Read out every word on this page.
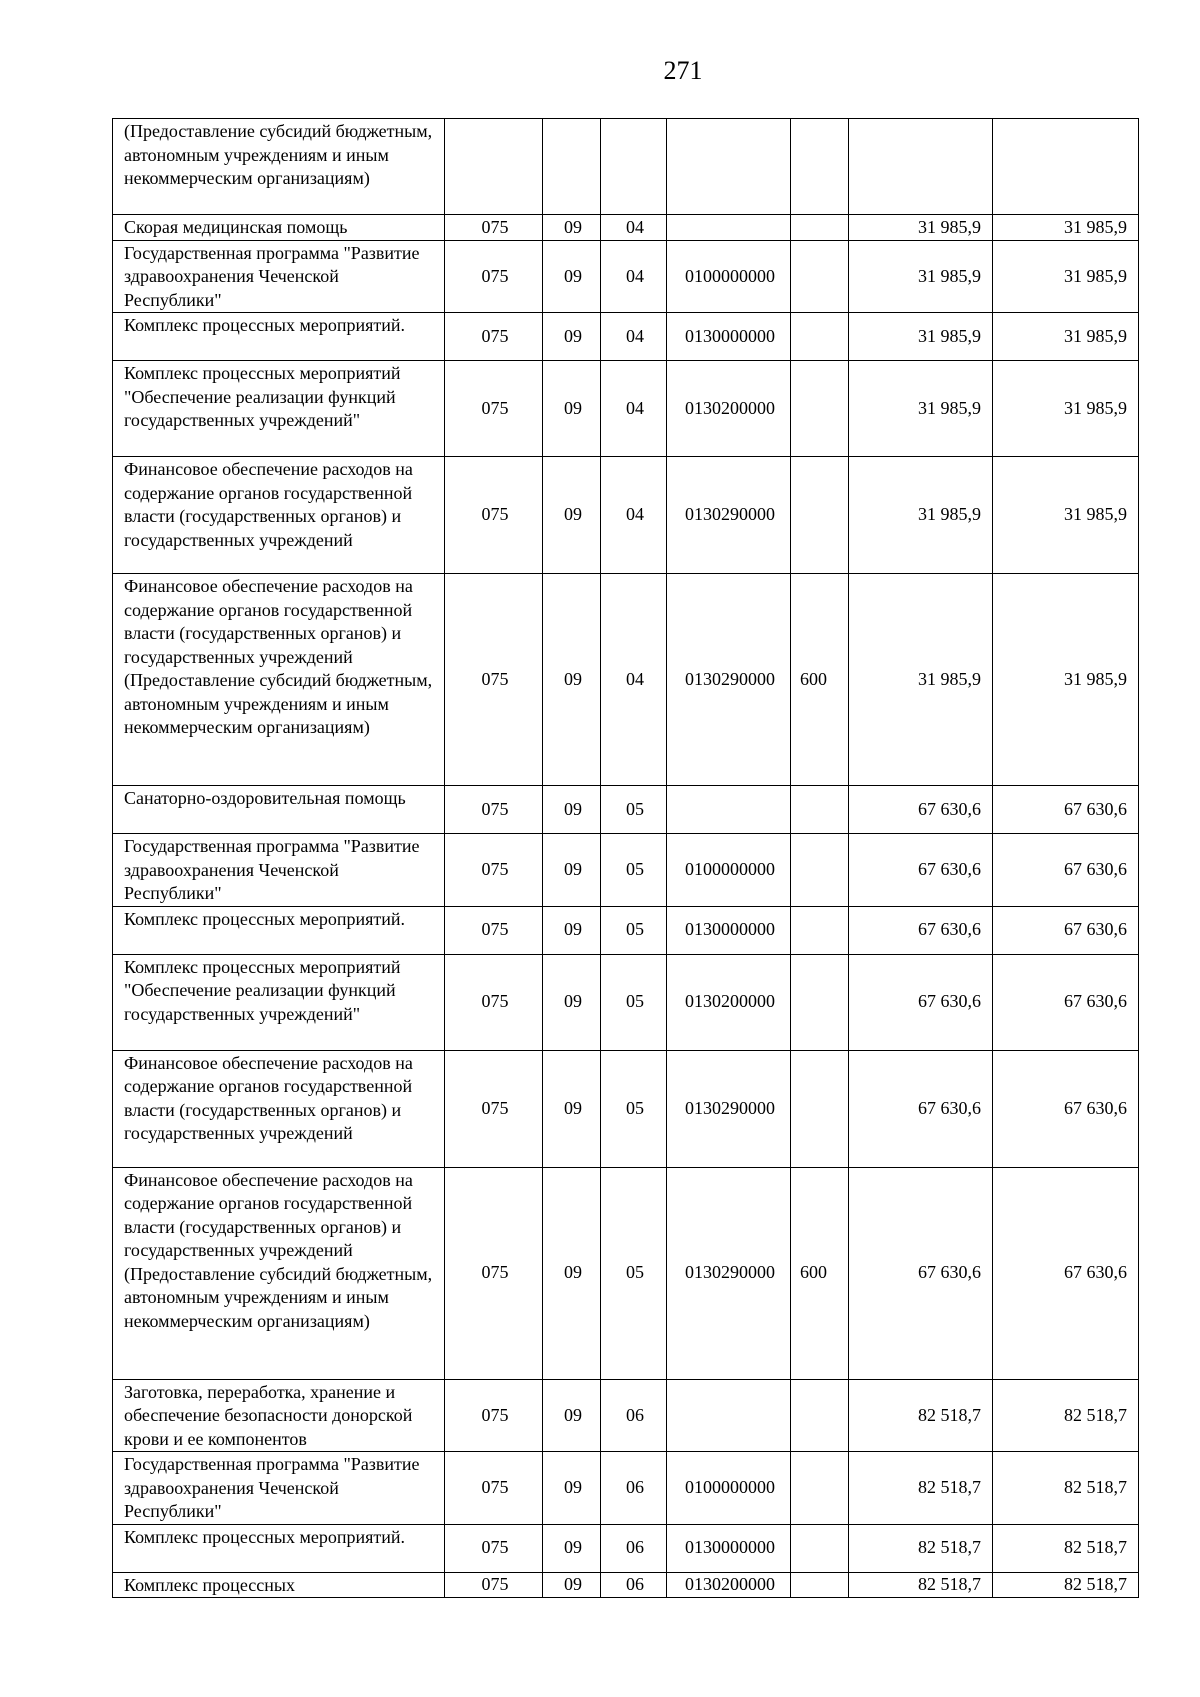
271
(Предоставление субсидий бюджетным, автономным учреждениям и иным некоммерческим организациям)							
Скорая медицинская помощь	075	09	04			31 985,9	31 985,9
Государственная программа "Развитие здравоохранения Чеченской Республики"	075	09	04	0100000000		31 985,9	31 985,9
Комплекс процессных мероприятий.	075	09	04	0130000000		31 985,9	31 985,9
Комплекс процессных мероприятий "Обеспечение реализации функций государственных учреждений"	075	09	04	0130200000		31 985,9	31 985,9
Финансовое обеспечение расходов на содержание органов государственной власти (государственных органов) и государственных учреждений	075	09	04	0130290000		31 985,9	31 985,9
Финансовое обеспечение расходов на содержание органов государственной власти (государственных органов) и государственных учреждений (Предоставление субсидий бюджетным, автономным учреждениям и иным некоммерческим организациям)	075	09	04	0130290000	600	31 985,9	31 985,9
Санаторно-оздоровительная помощь	075	09	05			67 630,6	67 630,6
Государственная программа "Развитие здравоохранения Чеченской Республики"	075	09	05	0100000000		67 630,6	67 630,6
Комплекс процессных мероприятий.	075	09	05	0130000000		67 630,6	67 630,6
Комплекс процессных мероприятий "Обеспечение реализации функций государственных учреждений"	075	09	05	0130200000		67 630,6	67 630,6
Финансовое обеспечение расходов на содержание органов государственной власти (государственных органов) и государственных учреждений	075	09	05	0130290000		67 630,6	67 630,6
Финансовое обеспечение расходов на содержание органов государственной власти (государственных органов) и государственных учреждений (Предоставление субсидий бюджетным, автономным учреждениям и иным некоммерческим организациям)	075	09	05	0130290000	600	67 630,6	67 630,6
Заготовка, переработка, хранение и обеспечение безопасности донорской крови и ее компонентов	075	09	06			82 518,7	82 518,7
Государственная программа "Развитие здравоохранения Чеченской Республики"	075	09	06	0100000000		82 518,7	82 518,7
Комплекс процессных мероприятий.	075	09	06	0130000000		82 518,7	82 518,7
Комплекс процессных	075	09	06	0130200000		82 518,7	82 518,7
